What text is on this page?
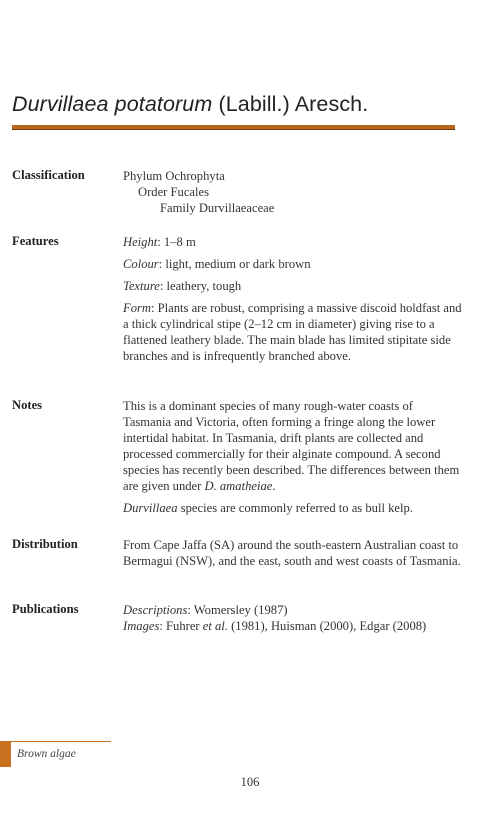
Durvillaea potatorum (Labill.) Aresch.
Classification	Phylum Ochrophyta
Order Fucales
Family Durvillaeaceae
Features	Height: 1–8 m

Colour: light, medium or dark brown

Texture: leathery, tough

Form: Plants are robust, comprising a massive discoid holdfast and a thick cylindrical stipe (2–12 cm in diameter) giving rise to a flattened leathery blade. The main blade has limited stipitate side branches and is infrequently branched above.

Notes	This is a dominant species of many rough-water coasts of Tasmania and Victoria, often forming a fringe along the lower intertidal habitat. In Tasmania, drift plants are collected and processed commercially for their alginate compound. A second species has recently been described. The differences between them are given under D. amatheiae.

Durvillaea species are commonly referred to as bull kelp.

Distribution	From Cape Jaffa (SA) around the south-eastern Australian coast to Bermagui (NSW), and the east, south and west coasts of Tasmania.

Publications	Descriptions: Womersley (1987)
Images: Fuhrer et al. (1981), Huisman (2000), Edgar (2008)
Brown algae
106
